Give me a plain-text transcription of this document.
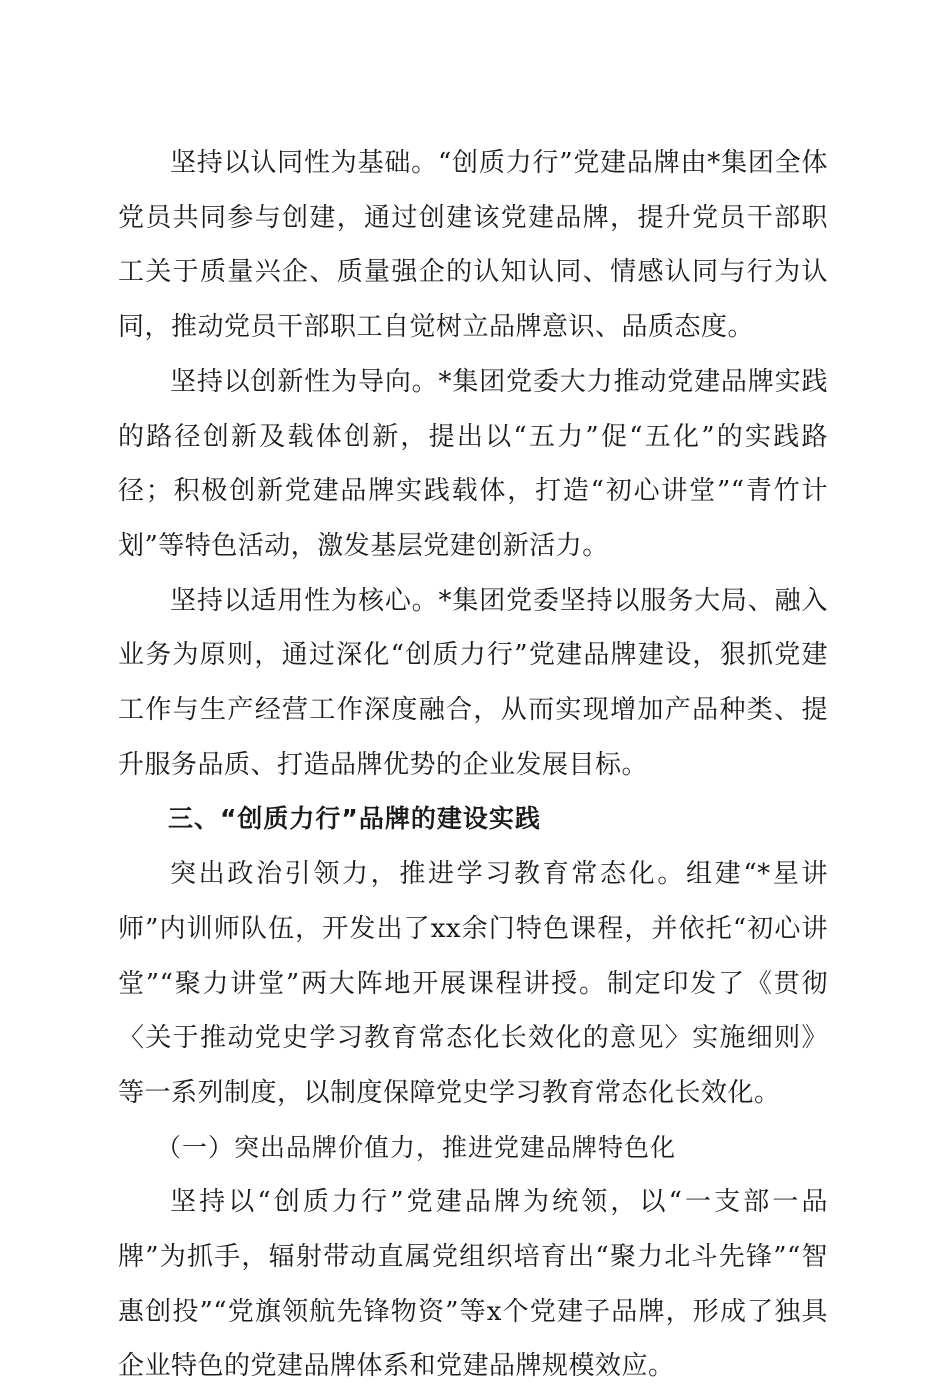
坚持以认同性为基础。“创质力行”党建品牌由*集团全体党员共同参与创建，通过创建该党建品牌，提升党员干部职工关于质量兴企、质量强企的认知认同、情感认同与行为认同，推动党员干部职工自觉树立品牌意识、品质态度。

坚持以创新性为导向。*集团党委大力推动党建品牌实践的路径创新及载体创新，提出以“五力”促“五化”的实践路径；积极创新党建品牌实践载体，打造“初心讲堂”“青竹计划”等特色活动，激发基层党建创新活力。

坚持以适用性为核心。*集团党委坚持以服务大局、融入业务为原则，通过深化“创质力行”党建品牌建设，狠抓党建工作与生产经营工作深度融合，从而实现增加产品种类、提升服务品质、打造品牌优势的企业发展目标。

三、“创质力行”品牌的建设实践

突出政治引领力，推进学习教育常态化。组建“*星讲师”内训师队伍，开发出了xx余门特色课程，并依托“初心讲堂”“聚力讲堂”两大阵地开展课程讲授。制定印发了《贯彻〈关于推动党史学习教育常态化长效化的意见〉实施细则》等一系列制度，以制度保障党史学习教育常态化长效化。

（一）突出品牌价值力，推进党建品牌特色化

坚持以“创质力行”党建品牌为统领，以“一支部一品牌”为抓手，辐射带动直属党组织培育出“聚力北斗先锋”“智惠创投”“党旗领航先锋物资”等x个党建子品牌，形成了独具企业特色的党建品牌体系和党建品牌规模效应。
